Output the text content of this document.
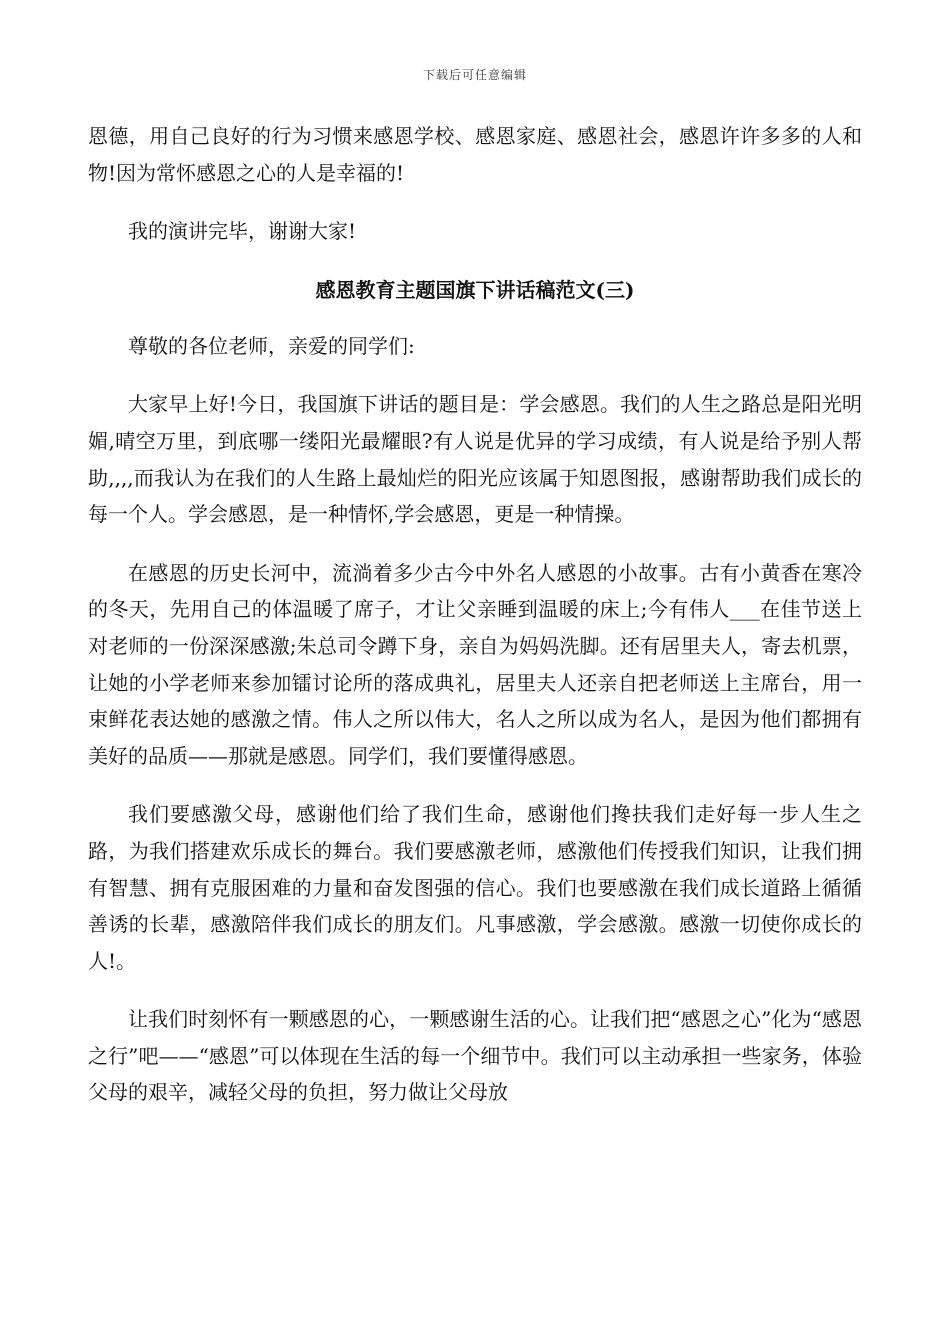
下载后可任意编辑

恩德，用自己良好的行为习惯来感恩学校、感恩家庭、感恩社会，感恩许许多多的人和物!因为常怀感恩之心的人是幸福的!

我的演讲完毕，谢谢大家!

感恩教育主题国旗下讲话稿范文(三)

尊敬的各位老师，亲爱的同学们:

大家早上好!今日，我国旗下讲话的题目是：学会感恩。我们的人生之路总是阳光明媚,晴空万里，到底哪一缕阳光最耀眼?有人说是优异的学习成绩，有人说是给予别人帮助,,,,而我认为在我们的人生路上最灿烂的阳光应该属于知恩图报，感谢帮助我们成长的每一个人。学会感恩，是一种情怀,学会感恩，更是一种情操。

在感恩的历史长河中，流淌着多少古今中外名人感恩的小故事。古有小黄香在寒冷的冬天，先用自己的体温暖了席子，才让父亲睡到温暖的床上;今有伟人___在佳节送上对老师的一份深深感激;朱总司令蹲下身，亲自为妈妈洗脚。还有居里夫人，寄去机票，让她的小学老师来参加镭讨论所的落成典礼，居里夫人还亲自把老师送上主席台，用一束鲜花表达她的感激之情。伟人之所以伟大，名人之所以成为名人，是因为他们都拥有美好的品质——那就是感恩。同学们，我们要懂得感恩。

我们要感激父母，感谢他们给了我们生命，感谢他们搀扶我们走好每一步人生之路，为我们搭建欢乐成长的舞台。我们要感激老师，感激他们传授我们知识，让我们拥有智慧、拥有克服困难的力量和奋发图强的信心。我们也要感激在我们成长道路上循循善诱的长辈，感激陪伴我们成长的朋友们。凡事感激，学会感激。感激一切使你成长的人!。

让我们时刻怀有一颗感恩的心，一颗感谢生活的心。让我们把“感恩之心”化为“感恩之行”吧——“感恩”可以体现在生活的每一个细节中。我们可以主动承担一些家务，体验父母的艰辛，减轻父母的负担，努力做让父母放
